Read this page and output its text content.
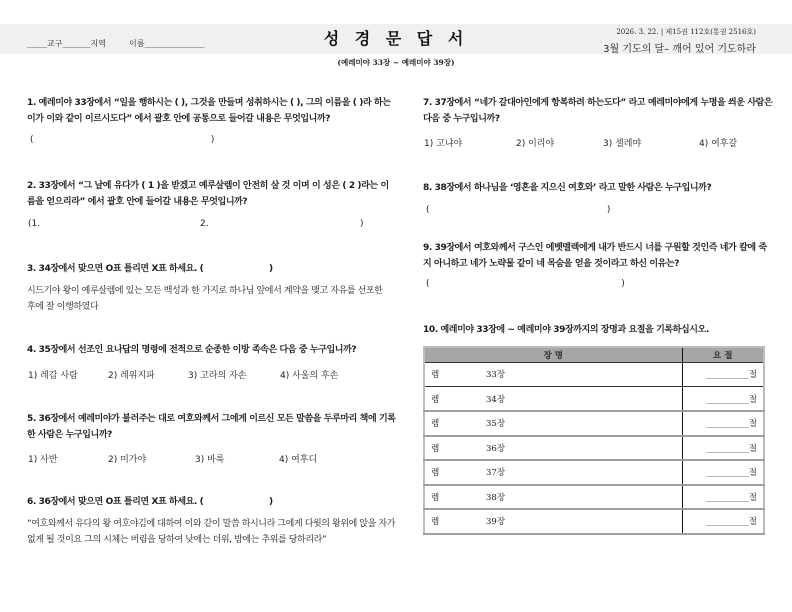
_____교구_______지역	이름_______________	성 경 문 답 서	2026. 3. 22. | 제15권 112호(통권 2516호)
3월 기도의 달– 깨어 있어 기도하라
(예레미야 33장 ~ 예레미야 39장)
1. 예레미야 33장에서 “일을 행하시는 ( ), 그것을 만들며 성취하시는 ( ), 그의 이름을 ( )라 하는 이가 이와 같이 이르시도다” 에서 괄호 안에 공통으로 들어갈 내용은 무엇입니까?
(                                                              )
2. 33장에서 “그 날에 유다가 ( 1 )을 받겠고 예루살렘이 안전히 살 것 이며 이 성은 ( 2 )라는 이름을 얻으리라” 에서 괄호 안에 들어갈 내용은 무엇입니까?
(1.	2.	)
3. 34장에서 맞으면 O표 틀리면 X표 하세요. (                        )
시드기야 왕이 예루살렘에 있는 모든 백성과 한 가지로 하나님 앞에서 계약을 맺고 자유를 선포한 후에 잘 이행하였다
4. 35장에서 선조인 요나답의 명령에 전적으로 순종한 이방 족속은 다음 중 누구입니까?
1) 레갑 사람	2) 레위지파	3) 고라의 자손	4) 사울의 후손
5. 36장에서 예레미야가 불러주는 대로 여호와께서 그에게 이르신 모든 말씀을 두루마리 책에 기록한 사람은 누구입니까?
1) 사반	2) 미가야	3) 바룩	4) 여후디
6. 36장에서 맞으면 O표 틀리면 X표 하세요. (                        )
“여호와께서 유다의 왕 여호야김에 대하여 이와 같이 말씀 하시니라 그에게 다윗의 왕위에 앉을 자가 없게 될 것이요 그의 시체는 버림을 당하여 낮에는 더위, 밤에는 추위를 당하리라”
7. 37장에서 “네가 갈대아인에게 항복하려 하는도다” 라고 예레미야에게 누명을 씌운 사람은 다음 중 누구입니까?
1) 고냐야	2) 이리야	3) 셀레먀	4) 여후갈
8. 38장에서 하나님을 ‘영혼을 지으신 여호와’ 라고 말한 사람은 누구입니까?
(                                                              )
9. 39장에서 여호와께서 구스인 에벳멜렉에게 내가 반드시 너를 구원할 것인즉 네가 칼에 죽지 아니하고 네가 노략물 같이 네 목숨을 얻을 것이라고 하신 이유는?
(                                                                   )
10. 예레미야 33장에 ~ 예레미야 39장까지의 장명과 요절을 기록하십시오.
장 명	요 절
렘 33장	__________절
렘 34장	__________절
렘 35장	__________절
렘 36장	__________절
렘 37장	__________절
렘 38장	__________절
렘 39장	__________절
